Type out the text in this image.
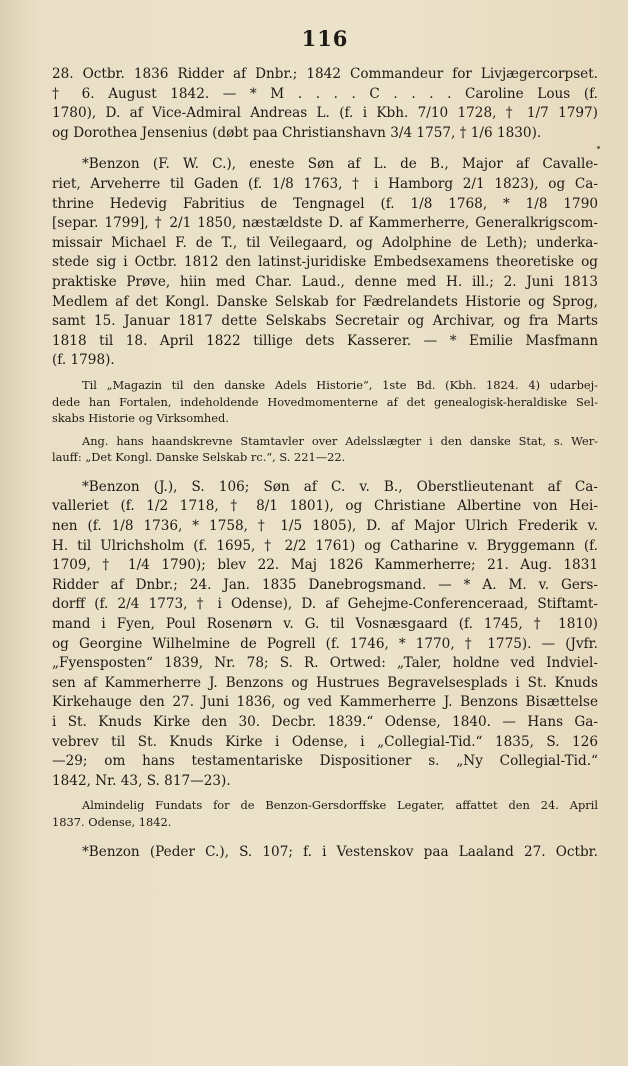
116
28. Octbr. 1836 Ridder af Dnbr.; 1842 Commandeur for Livjægercorpset.
† 6. August 1842. — * M . . . . C . . . . Caroline Lous (f.
1780), D. af Vice-Admiral Andreas L. (f. i Kbh. 7/10 1728, † 1/7 1797)
og Dorothea Jensenius (døbt paa Christianshavn 3/4 1757, † 1/6 1830).
*Benzon (F. W. C.), eneste Søn af L. de B., Major af Cavalle-
riet, Arveherre til Gaden (f. 1/8 1763, † i Hamborg 2/1 1823), og Ca-
thrine Hedevig Fabritius de Tengnagel (f. 1/8 1768, * 1/8 1790
[separ. 1799], † 2/1 1850, næstældste D. af Kammerherre, Generalkrigscom-
missair Michael F. de T., til Veilegaard, og Adolphine de Leth); underka-
stede sig i Octbr. 1812 den latinst-juridiske Embedsexamens theoretiske og
praktiske Prøve, hiin med Char. Laud., denne med H. ill.; 2. Juni 1813
Medlem af det Kongl. Danske Selskab for Fædrelandets Historie og Sprog,
samt 15. Januar 1817 dette Selskabs Secretair og Archivar, og fra Marts
1818 til 18. April 1822 tillige dets Kasserer. — * Emilie Masfmann
(f. 1798).
Til „Magazin til den danske Adels Historie“, 1ste Bd. (Kbh. 1824. 4) udarbej-
dede han Fortalen, indeholdende Hovedmomenterne af det genealogisk-heraldiske Sel-
skabs Historie og Virksomhed.
Ang. hans haandskrevne Stamtavler over Adelsslægter i den danske Stat, s. Wer-
lauff: „Det Kongl. Danske Selskab rc.“, S. 221—22.
*Benzon (J.), S. 106; Søn af C. v. B., Oberstlieutenant af Ca-
valleriet (f. 1/2 1718, † 8/1 1801), og Christiane Albertine von Hei-
nen (f. 1/8 1736, * 1758, † 1/5 1805), D. af Major Ulrich Frederik v.
H. til Ulrichsholm (f. 1695, † 2/2 1761) og Catharine v. Bryggemann (f.
1709, † 1/4 1790); blev 22. Maj 1826 Kammerherre; 21. Aug. 1831
Ridder af Dnbr.; 24. Jan. 1835 Danebrogsmand. — * A. M. v. Gers-
dorff (f. 2/4 1773, † i Odense), D. af Gehejme-Conferenceraad, Stiftamt-
mand i Fyen, Poul Rosenørn v. G. til Vosnæsgaard (f. 1745, † 1810)
og Georgine Wilhelmine de Pogrell (f. 1746, * 1770, † 1775). — (Jvfr.
„Fyensposten“ 1839, Nr. 78; S. R. Ortwed: „Taler, holdne ved Indviel-
sen af Kammerherre J. Benzons og Hustrues Begravelsesplads i St. Knuds
Kirkehauge den 27. Juni 1836, og ved Kammerherre J. Benzons Bisættelse
i St. Knuds Kirke den 30. Decbr. 1839.“ Odense, 1840. — Hans Ga-
vebrev til St. Knuds Kirke i Odense, i „Collegial-Tid.“ 1835, S. 126
—29; om hans testamentariske Dispositioner s. „Ny Collegial-Tid.“
1842, Nr. 43, S. 817—23).
Almindelig Fundats for de Benzon-Gersdorffske Legater, affattet den 24. April
1837. Odense, 1842.
*Benzon (Peder C.), S. 107; f. i Vestenskov paa Laaland 27. Octbr.
